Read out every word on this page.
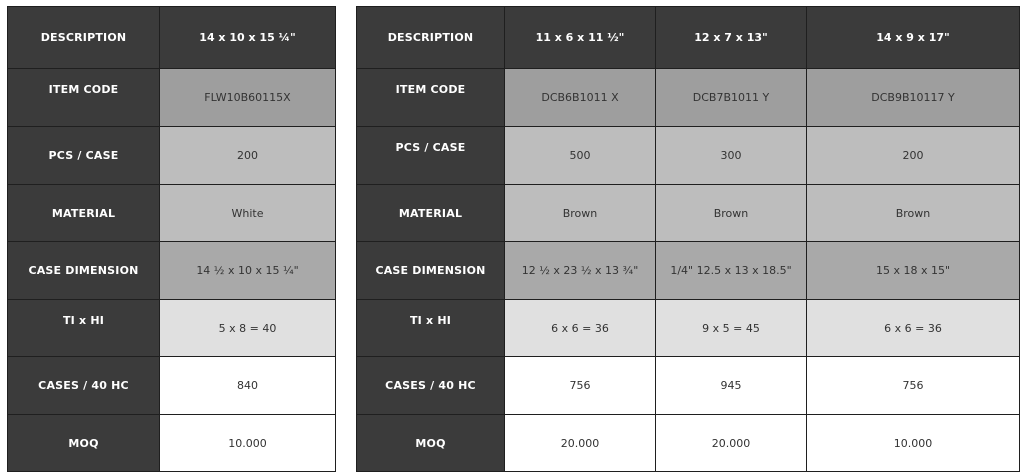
DESCRIPTION	14 x 10 x 15 ¼"
ITEM CODE	FLW10B60115X
PCS / CASE	200
MATERIAL	White
CASE DIMENSION	14 ½ x 10 x 15 ¼"
TI x HI	5 x 8 = 40
CASES / 40 HC	840
MOQ	10.000
DESCRIPTION	11 x 6 x 11 ½"	12 x 7 x 13"	14 x 9 x 17"
ITEM CODE	DCB6B1011 X	DCB7B1011 Y	DCB9B10117 Y
PCS / CASE	500	300	200
MATERIAL	Brown	Brown	Brown
CASE DIMENSION	12 ½ x 23 ½ x 13 ¾"	1/4" 12.5 x 13 x 18.5"	15 x 18 x 15"
TI x HI	6 x 6 = 36	9 x 5 = 45	6 x 6 = 36
CASES / 40 HC	756	945	756
MOQ	20.000	20.000	10.000
